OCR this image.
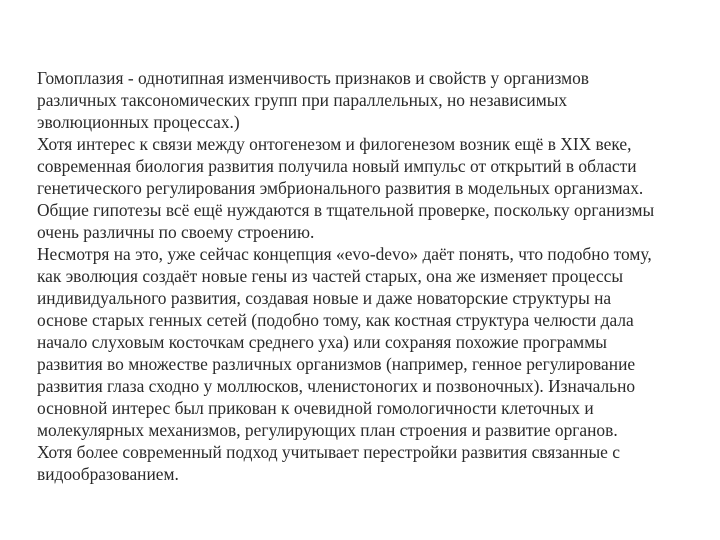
Гомоплазия - однотипная изменчивость признаков и свойств у организмов
различных таксономических групп при параллельных, но независимых
эволюционных процессах.)
Хотя интерес к связи между онтогенезом и филогенезом возник ещё в XIX веке,
современная биология развития получила новый импульс от открытий в области
генетического регулирования эмбрионального развития в модельных организмах.
Общие гипотезы всё ещё нуждаются в тщательной проверке, поскольку организмы
очень различны по своему строению.
Несмотря на это, уже сейчас концепция «evo-devo» даёт понять, что подобно тому,
как эволюция создаёт новые гены из частей старых, она же изменяет процессы
индивидуального развития, создавая новые и даже новаторские структуры на
основе старых генных сетей (подобно тому, как костная структура челюсти дала
начало слуховым косточкам среднего уха) или сохраняя похожие программы
развития во множестве различных организмов (например, генное регулирование
развития глаза сходно у моллюсков, членистоногих и позвоночных). Изначально
основной интерес был прикован к очевидной гомологичности клеточных и
молекулярных механизмов, регулирующих план строения и развитие органов.
Хотя более современный подход учитывает перестройки развития связанные с
видообразованием.
